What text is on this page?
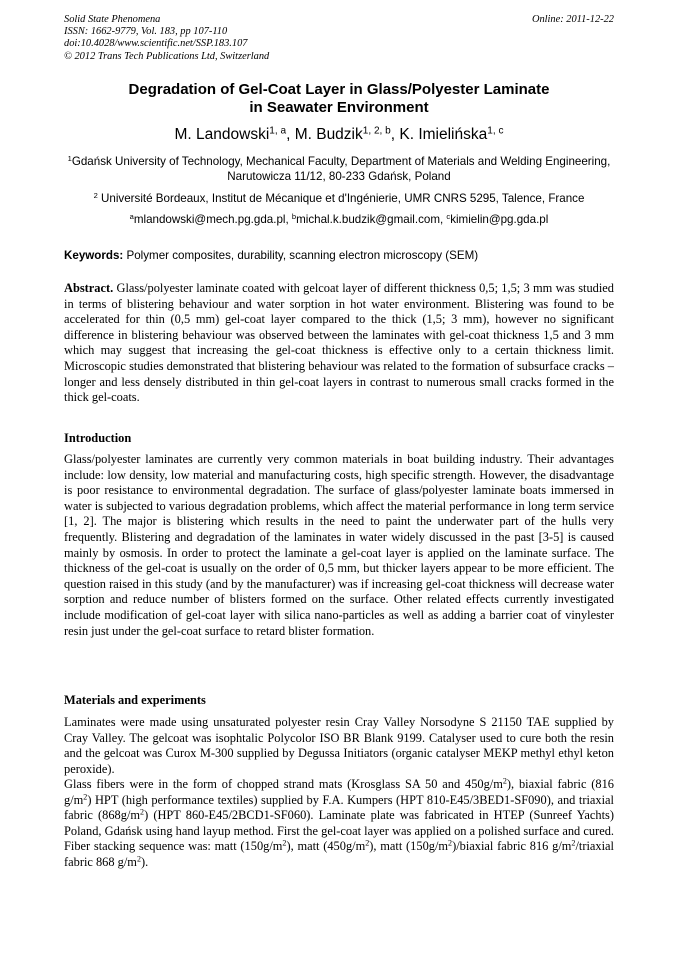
Solid State Phenomena
ISSN: 1662-9779, Vol. 183, pp 107-110
doi:10.4028/www.scientific.net/SSP.183.107
© 2012 Trans Tech Publications Ltd, Switzerland
Online: 2011-12-22
Degradation of Gel-Coat Layer in Glass/Polyester Laminate
in Seawater Environment
M. Landowski$^{1, a}$, M. Budzik$^{1, 2, b}$, K. Imielińska$^{1, c}$
$^1$Gdańsk University of Technology, Mechanical Faculty, Department of Materials and Welding Engineering, Narutowicza 11/12, 80-233 Gdańsk, Poland
$^2$ Université Bordeaux, Institut de Mécanique et d'Ingénierie, UMR CNRS 5295, Talence, France
$^a$mlandowski@mech.pg.gda.pl, $^b$michal.k.budzik@gmail.com, $^c$kimielin@pg.gda.pl
Keywords: Polymer composites, durability, scanning electron microscopy (SEM)
Abstract. Glass/polyester laminate coated with gelcoat layer of different thickness 0,5; 1,5; 3 mm was studied in terms of blistering behaviour and water sorption in hot water environment. Blistering was found to be accelerated for thin (0,5 mm) gel-coat layer compared to the thick (1,5; 3 mm), however no significant difference in blistering behaviour was observed between the laminates with gel-coat thickness 1,5 and 3 mm which may suggest that increasing the gel-coat thickness is effective only to a certain thickness limit. Microscopic studies demonstrated that blistering behaviour was related to the formation of subsurface cracks – longer and less densely distributed in thin gel-coat layers in contrast to numerous small cracks formed in the thick gel-coats.
Introduction
Glass/polyester laminates are currently very common materials in boat building industry. Their advantages include: low density, low material and manufacturing costs, high specific strength. However, the disadvantage is poor resistance to environmental degradation. The surface of glass/polyester laminate boats immersed in water is subjected to various degradation problems, which affect the material performance in long term service [1, 2]. The major is blistering which results in the need to paint the underwater part of the hulls very frequently. Blistering and degradation of the laminates in water widely discussed in the past [3-5] is caused mainly by osmosis. In order to protect the laminate a gel-coat layer is applied on the laminate surface. The thickness of the gel-coat is usually on the order of 0,5 mm, but thicker layers appear to be more efficient. The question raised in this study (and by the manufacturer) was if increasing gel-coat thickness will decrease water sorption and reduce number of blisters formed on the surface. Other related effects currently investigated include modification of gel-coat layer with silica nano-particles as well as adding a barrier coat of vinylester resin just under the gel-coat surface to retard blister formation.
Materials and experiments
Laminates were made using unsaturated polyester resin Cray Valley Norsodyne S 21150 TAE supplied by Cray Valley. The gelcoat was isophtalic Polycolor ISO BR Blank 9199. Catalyser used to cure both the resin and the gelcoat was Curox M-300 supplied by Degussa Initiators (organic catalyser MEKP methyl ethyl keton peroxide).
Glass fibers were in the form of chopped strand mats (Krosglass SA 50 and $450g/m^2$), biaxial fabric (816 $g/m^2$) HPT (high performance textiles) supplied by F.A. Kumpers (HPT 810-E45/3BED1-SF090), and triaxial fabric $(868g/m^2)$ (HPT 860-E45/2BCD1-SF060). Laminate plate was fabricated in HTEP (Sunreef Yachts) Poland, Gdańsk using hand layup method. First the gel-coat layer was applied on a polished surface and cured. Fiber stacking sequence was: matt $(150g/m^2)$, matt $(450g/m^2)$, matt $(150g/m^2)$/biaxial fabric 816 $g/m^2$/triaxial fabric 868 $g/m^2$).
